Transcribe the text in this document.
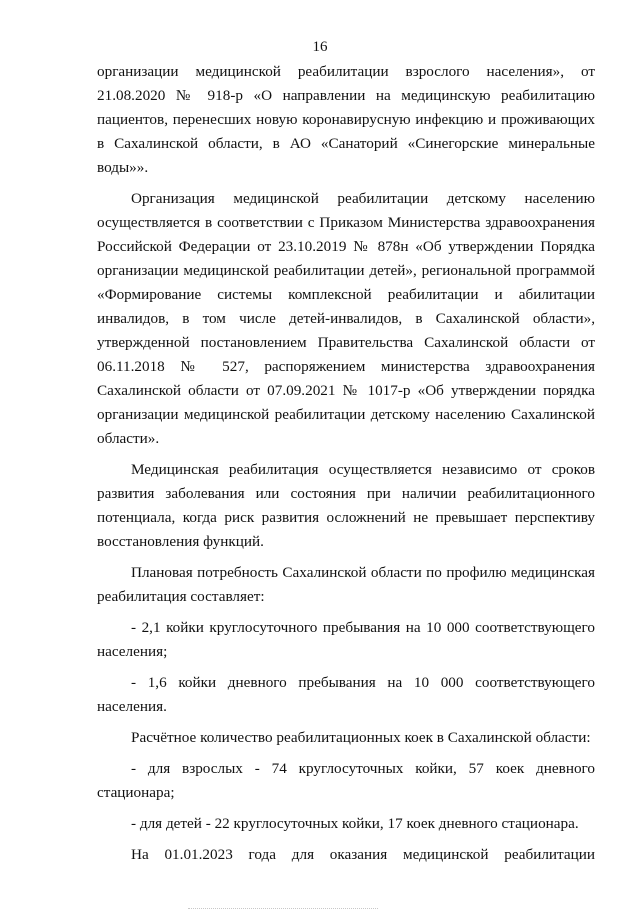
16

организации медицинской реабилитации взрослого населения», от 21.08.2020 № 918-р «О направлении на медицинскую реабилитацию пациентов, перенесших новую коронавирусную инфекцию и проживающих в Сахалинской области, в АО «Санаторий «Синегорские минеральные воды»».

Организация медицинской реабилитации детскому населению осуществляется в соответствии с Приказом Министерства здравоохранения Российской Федерации от 23.10.2019 № 878н «Об утверждении Порядка организации медицинской реабилитации детей», региональной программой «Формирование системы комплексной реабилитации и абилитации инвалидов, в том числе детей-инвалидов, в Сахалинской области», утвержденной постановлением Правительства Сахалинской области от 06.11.2018 № 527, распоряжением министерства здравоохранения Сахалинской области от 07.09.2021 № 1017-р «Об утверждении порядка организации медицинской реабилитации детскому населению Сахалинской области».

Медицинская реабилитация осуществляется независимо от сроков развития заболевания или состояния при наличии реабилитационного потенциала, когда риск развития осложнений не превышает перспективу восстановления функций.

Плановая потребность Сахалинской области по профилю медицинская реабилитация составляет:

- 2,1 койки круглосуточного пребывания на 10 000 соответствующего населения;

- 1,6 койки дневного пребывания на 10 000 соответствующего населения.

Расчётное количество реабилитационных коек в Сахалинской области:

- для взрослых - 74 круглосуточных койки, 57 коек дневного стационара;

- для детей - 22 круглосуточных койки, 17 коек дневного стационара.

На 01.01.2023 года для оказания медицинской реабилитации
